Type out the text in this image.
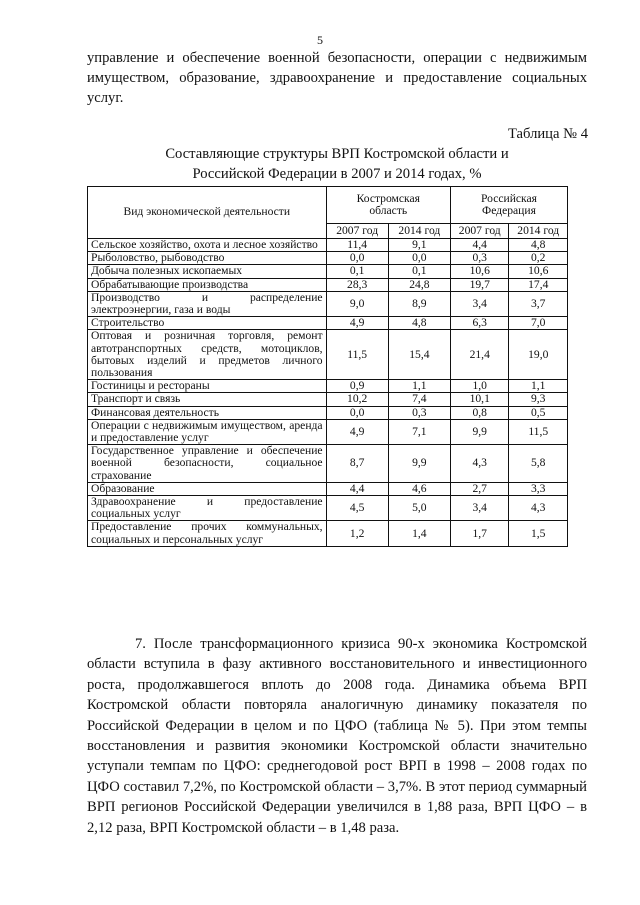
5
управление и обеспечение военной безопасности, операции с недвижимым имуществом, образование, здравоохранение и предоставление социальных услуг.
Таблица № 4
Составляющие структуры ВРП Костромской области и
Российской Федерации в 2007 и 2014 годах, %
Вид экономической деятельности	Костромская область		Российская Федерация	
	2007 год	2014 год	2007 год	2014 год
Сельское хозяйство, охота и лесное хозяйство	11,4	9,1	4,4	4,8
Рыболовство, рыбоводство	0,0	0,0	0,3	0,2
Добыча полезных ископаемых	0,1	0,1	10,6	10,6
Обрабатывающие производства	28,3	24,8	19,7	17,4
Производство и распределение электроэнергии, газа и воды	9,0	8,9	3,4	3,7
Строительство	4,9	4,8	6,3	7,0
Оптовая и розничная торговля, ремонт автотранспортных средств, мотоциклов, бытовых изделий и предметов личного пользования	11,5	15,4	21,4	19,0
Гостиницы и рестораны	0,9	1,1	1,0	1,1
Транспорт и связь	10,2	7,4	10,1	9,3
Финансовая деятельность	0,0	0,3	0,8	0,5
Операции с недвижимым имуществом, аренда и предоставление услуг	4,9	7,1	9,9	11,5
Государственное управление и обеспечение военной безопасности, социальное страхование	8,7	9,9	4,3	5,8
Образование	4,4	4,6	2,7	3,3
Здравоохранение и предоставление социальных услуг	4,5	5,0	3,4	4,3
Предоставление прочих коммунальных, социальных и персональных услуг	1,2	1,4	1,7	1,5
7. После трансформационного кризиса 90-х экономика Костромской области вступила в фазу активного восстановительного и инвестиционного роста, продолжавшегося вплоть до 2008 года. Динамика объема ВРП Костромской области повторяла аналогичную динамику показателя по Российской Федерации в целом и по ЦФО (таблица № 5). При этом темпы восстановления и развития экономики Костромской области значительно уступали темпам по ЦФО: среднегодовой рост ВРП в 1998 – 2008 годах по ЦФО составил 7,2%, по Костромской области – 3,7%. В этот период суммарный ВРП регионов Российской Федерации увеличился в 1,88 раза, ВРП ЦФО – в 2,12 раза, ВРП Костромской области – в 1,48 раза.
